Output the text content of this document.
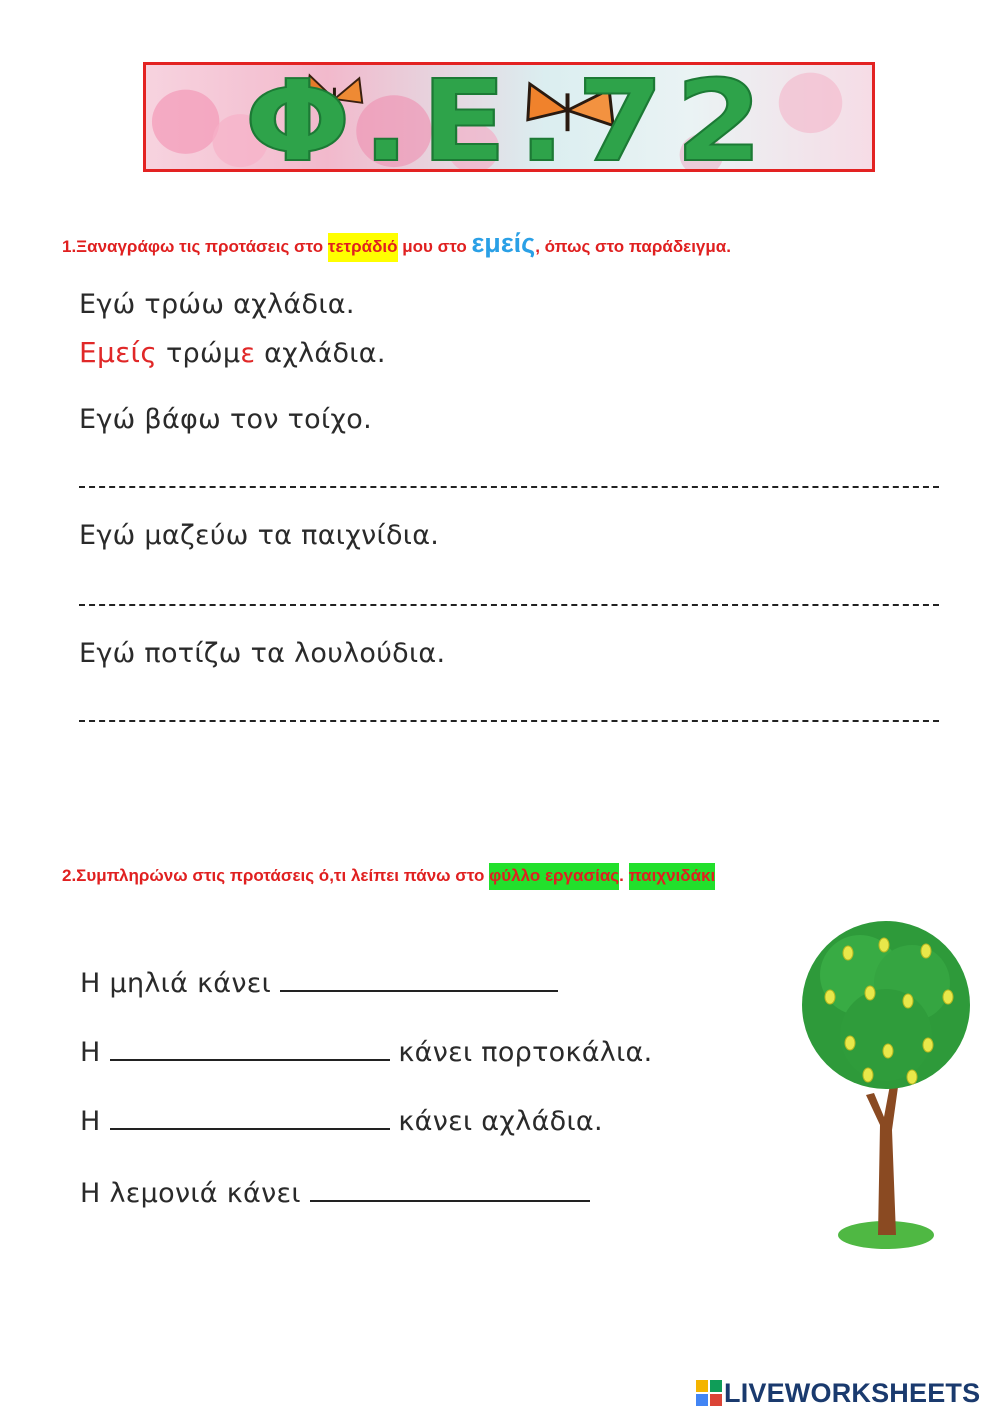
Φ.Ε.72
1.Ξαναγράφω τις προτάσεις στο τετράδιό μου στο εμείς, όπως στο παράδειγμα.
Εγώ τρώω αχλάδια.
Εμείς τρώμε αχλάδια.
Εγώ βάφω τον τοίχο.
Εγώ μαζεύω τα παιχνίδια.
Εγώ ποτίζω τα λουλούδια.
2.Συμπληρώνω στις προτάσεις ό,τι λείπει πάνω στο φύλλο εργασίας. παιχνιδάκι
Η μηλιά κάνει
Η	κάνει πορτοκάλια.
Η	κάνει αχλάδια.
Η λεμονιά κάνει
LIVEWORKSHEETS
